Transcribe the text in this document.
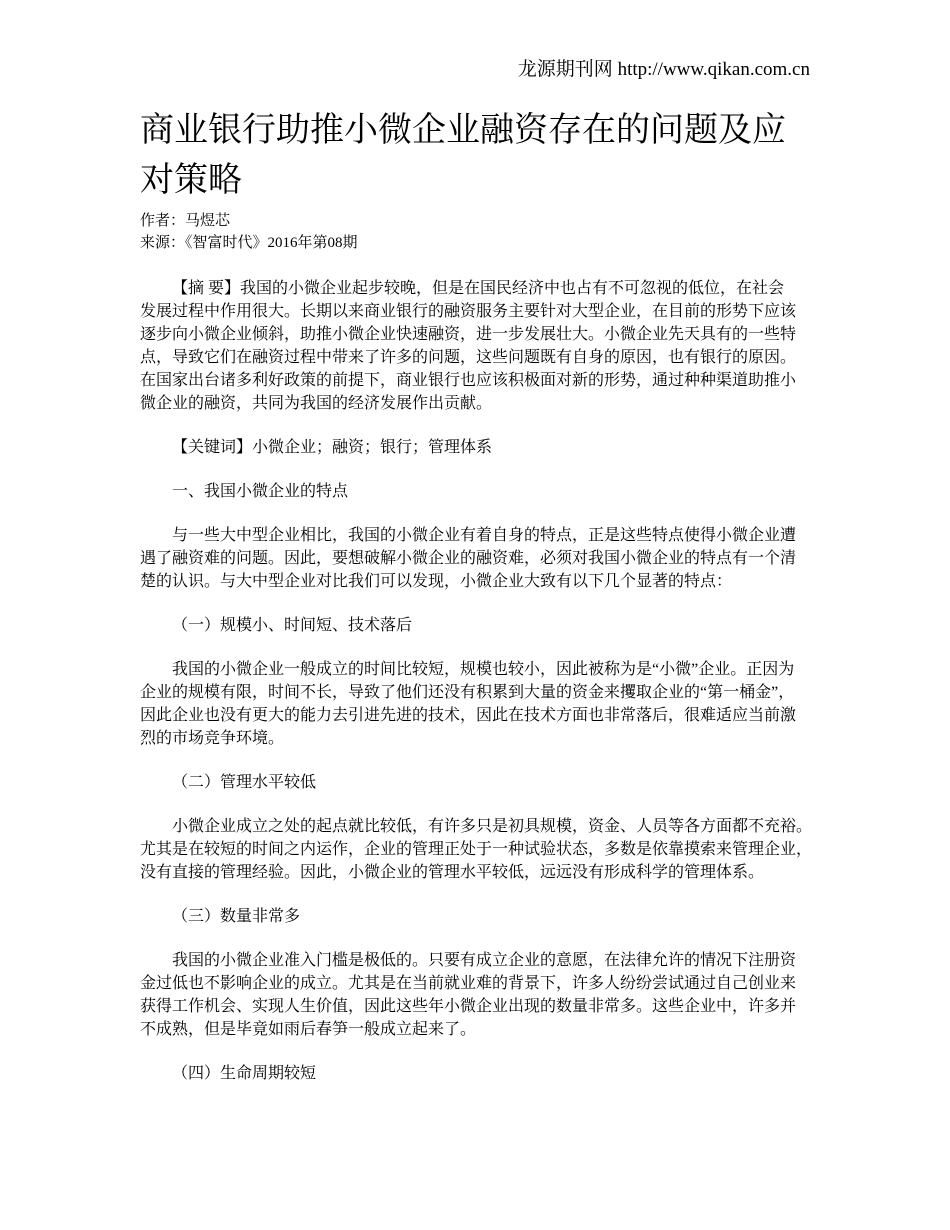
龙源期刊网 http://www.qikan.com.cn
商业银行助推小微企业融资存在的问题及应
对策略
作者：马煜芯
来源：《智富时代》2016年第08期
【摘 要】我国的小微企业起步较晚，但是在国民经济中也占有不可忽视的低位，在社会
发展过程中作用很大。长期以来商业银行的融资服务主要针对大型企业，在目前的形势下应该
逐步向小微企业倾斜，助推小微企业快速融资，进一步发展壮大。小微企业先天具有的一些特
点，导致它们在融资过程中带来了许多的问题，这些问题既有自身的原因，也有银行的原因。
在国家出台诸多利好政策的前提下，商业银行也应该积极面对新的形势，通过种种渠道助推小
微企业的融资，共同为我国的经济发展作出贡献。
【关键词】小微企业；融资；银行；管理体系
一、我国小微企业的特点
与一些大中型企业相比，我国的小微企业有着自身的特点，正是这些特点使得小微企业遭
遇了融资难的问题。因此，要想破解小微企业的融资难，必须对我国小微企业的特点有一个清
楚的认识。与大中型企业对比我们可以发现，小微企业大致有以下几个显著的特点：
（一）规模小、时间短、技术落后
我国的小微企业一般成立的时间比较短，规模也较小，因此被称为是“小微”企业。正因为
企业的规模有限，时间不长，导致了他们还没有积累到大量的资金来攫取企业的“第一桶金”，
因此企业也没有更大的能力去引进先进的技术，因此在技术方面也非常落后，很难适应当前激
烈的市场竞争环境。
（二）管理水平较低
小微企业成立之处的起点就比较低，有许多只是初具规模，资金、人员等各方面都不充裕。
尤其是在较短的时间之内运作，企业的管理正处于一种试验状态，多数是依靠摸索来管理企业，
没有直接的管理经验。因此，小微企业的管理水平较低，远远没有形成科学的管理体系。
（三）数量非常多
我国的小微企业准入门槛是极低的。只要有成立企业的意愿，在法律允许的情况下注册资
金过低也不影响企业的成立。尤其是在当前就业难的背景下，许多人纷纷尝试通过自己创业来
获得工作机会、实现人生价值，因此这些年小微企业出现的数量非常多。这些企业中，许多并
不成熟，但是毕竟如雨后春笋一般成立起来了。
（四）生命周期较短
